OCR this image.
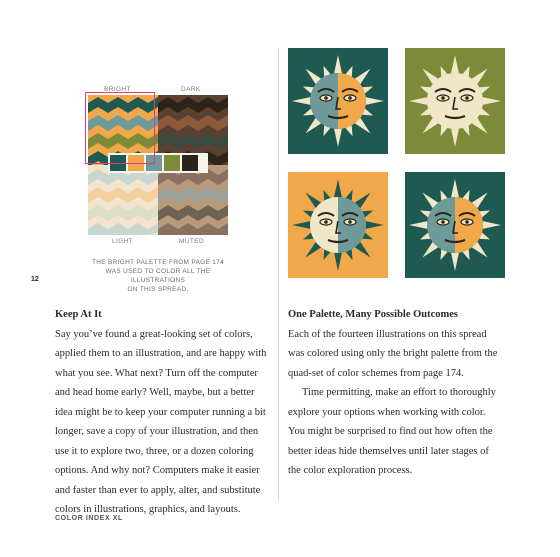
BRIGHT	DARK
LIGHT	MUTED
THE BRIGHT PALETTE FROM PAGE 174
WAS USED TO COLOR ALL THE ILLUSTRATIONS
ON THIS SPREAD.
12
Keep At It

Say you’ve found a great-looking set of colors,

applied them to an illustration, and are happy with

what you see. What next? Turn off the computer

and head home early? Well, maybe, but a better

idea might be to keep your computer running a bit

longer, save a copy of your illustration, and then

use it to explore two, three, or a dozen coloring

options. And why not? Computers make it easier

and faster than ever to apply, alter, and substitute

colors in illustrations, graphics, and layouts.

One Palette, Many Possible Outcomes

Each of the fourteen illustrations on this spread

was colored using only the bright palette from the

quad-set of color schemes from page 174.

Time permitting, make an effort to thoroughly

explore your options when working with color.

You might be surprised to find out how often the

better ideas hide themselves until later stages of

the color exploration process.

COLOR INDEX XL
